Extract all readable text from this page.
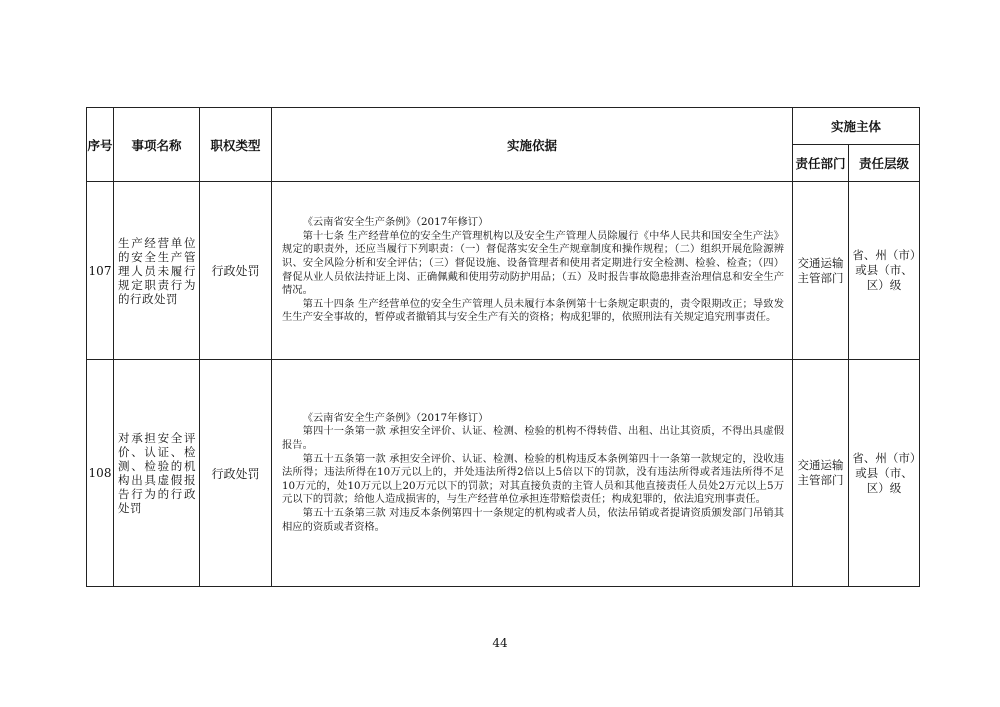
序号	事项名称	职权类型	实施依据	实施主体	
				责任部门	责任层级
107	生产经营单位的安全生产管理人员未履行规定职责行为的行政处罚	行政处罚	《云南省安全生产条例》（2017年修订）

第十七条 生产经营单位的安全生产管理机构以及安全生产管理人员除履行《中华人民共和国安全生产法》规定的职责外，还应当履行下列职责：（一）督促落实安全生产规章制度和操作规程；（二）组织开展危险源辨识、安全风险分析和安全评估；（三）督促设施、设备管理者和使用者定期进行安全检测、检验、检查；（四）督促从业人员依法持证上岗、正确佩戴和使用劳动防护用品；（五）及时报告事故隐患排查治理信息和安全生产情况。

第五十四条 生产经营单位的安全生产管理人员未履行本条例第十七条规定职责的，责令限期改正；导致发生生产安全事故的，暂停或者撤销其与安全生产有关的资格；构成犯罪的，依照刑法有关规定追究刑事责任。	交通运输主管部门	省、州（市）或县（市、区）级
108	对承担安全评价、认证、检测、检验的机构出具虚假报告行为的行政处罚	行政处罚	《云南省安全生产条例》（2017年修订）

第四十一条第一款 承担安全评价、认证、检测、检验的机构不得转借、出租、出让其资质，不得出具虚假报告。

第五十五条第一款 承担安全评价、认证、检测、检验的机构违反本条例第四十一条第一款规定的，没收违法所得；违法所得在10万元以上的，并处违法所得2倍以上5倍以下的罚款，没有违法所得或者违法所得不足10万元的，处10万元以上20万元以下的罚款；对其直接负责的主管人员和其他直接责任人员处2万元以上5万元以下的罚款；给他人造成损害的，与生产经营单位承担连带赔偿责任；构成犯罪的，依法追究刑事责任。

第五十五条第三款 对违反本条例第四十一条规定的机构或者人员，依法吊销或者提请资质颁发部门吊销其相应的资质或者资格。	交通运输主管部门	省、州（市）或县（市、区）级
44
